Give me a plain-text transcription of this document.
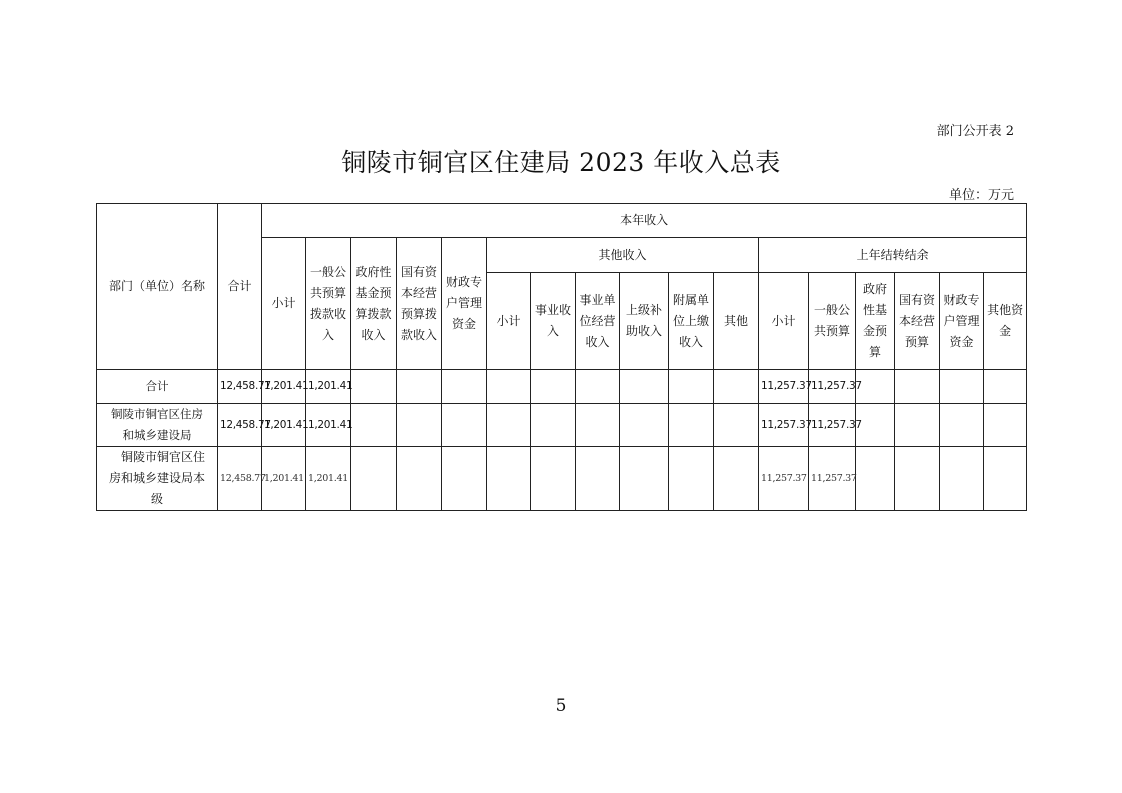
部门公开表 2
铜陵市铜官区住建局 2023 年收入总表
单位：万元
部门（单位）名称	合计	本年收入																
		小计	一般公共预算拨款收入	政府性基金预算拨款收入	国有资本经营预算拨款收入	财政专户管理资金	其他收入						上年结转结余					
							小计	事业收入	事业单位经营收入	上级补助收入	附属单位上缴收入	其他	小计	一般公共预算	政府性基金预算	国有资本经营预算	财政专户管理资金	其他资金
合计	12,458.77	1,201.41	1,201.41										11,257.37	11,257.37				
铜陵市铜官区住房
和城乡建设局	12,458.77	1,201.41	1,201.41										11,257.37	11,257.37				

铜陵市铜官区住
房和城乡建设局本
级	12,458.77	1,201.41	1,201.41										11,257.37	11,257.37				
5
